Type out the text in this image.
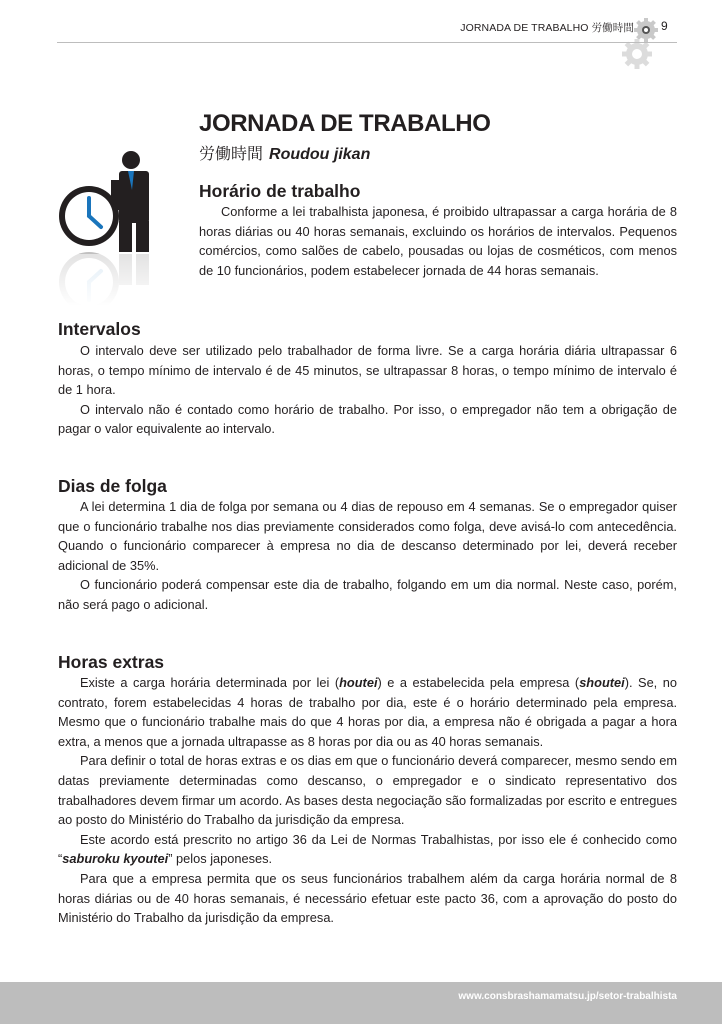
JORNADA DE TRABALHO 労働時間 9
JORNADA DE TRABALHO
労働時間 Roudou jikan
Horário de trabalho

Conforme a lei trabalhista japonesa, é proibido ultrapassar a carga horária de 8 horas diárias ou 40 horas semanais, excluindo os horários de intervalos. Pequenos comércios, como salões de cabelo, pousadas ou lojas de cosméticos, com menos de 10 funcionários, podem estabelecer jornada de 44 horas semanais.

Intervalos

O intervalo deve ser utilizado pelo trabalhador de forma livre. Se a carga horária diária ultrapassar 6 horas, o tempo mínimo de intervalo é de 45 minutos, se ultrapassar 8 horas, o tempo mínimo de intervalo é de 1 hora.

O intervalo não é contado como horário de trabalho. Por isso, o empregador não tem a obrigação de pagar o valor equivalente ao intervalo.

Dias de folga

A lei determina 1 dia de folga por semana ou 4 dias de repouso em 4 semanas. Se o empregador quiser que o funcionário trabalhe nos dias previamente considerados como folga, deve avisá-lo com antecedência. Quando o funcionário comparecer à empresa no dia de descanso determinado por lei, deverá receber adicional de 35%.

O funcionário poderá compensar este dia de trabalho, folgando em um dia normal. Neste caso, porém, não será pago o adicional.

Horas extras

Existe a carga horária determinada por lei (houtei) e a estabelecida pela empresa (shoutei). Se, no contrato, forem estabelecidas 4 horas de trabalho por dia, este é o horário determinado pela empresa. Mesmo que o funcionário trabalhe mais do que 4 horas por dia, a empresa não é obrigada a pagar a hora extra, a menos que a jornada ultrapasse as 8 horas por dia ou as 40 horas semanais.

Para definir o total de horas extras e os dias em que o funcionário deverá comparecer, mesmo sendo em datas previamente determinadas como descanso, o empregador e o sindicato representativo dos trabalhadores devem firmar um acordo. As bases desta negociação são formalizadas por escrito e entregues ao posto do Ministério do Trabalho da jurisdição da empresa.

Este acordo está prescrito no artigo 36 da Lei de Normas Trabalhistas, por isso ele é conhecido como “saburoku kyoutei” pelos japoneses.

Para que a empresa permita que os seus funcionários trabalhem além da carga horária normal de 8 horas diárias ou de 40 horas semanais, é necessário efetuar este pacto 36, com a aprovação do posto do Ministério do Trabalho da jurisdição da empresa.

www.consbrashamamatsu.jp/setor-trabalhista
